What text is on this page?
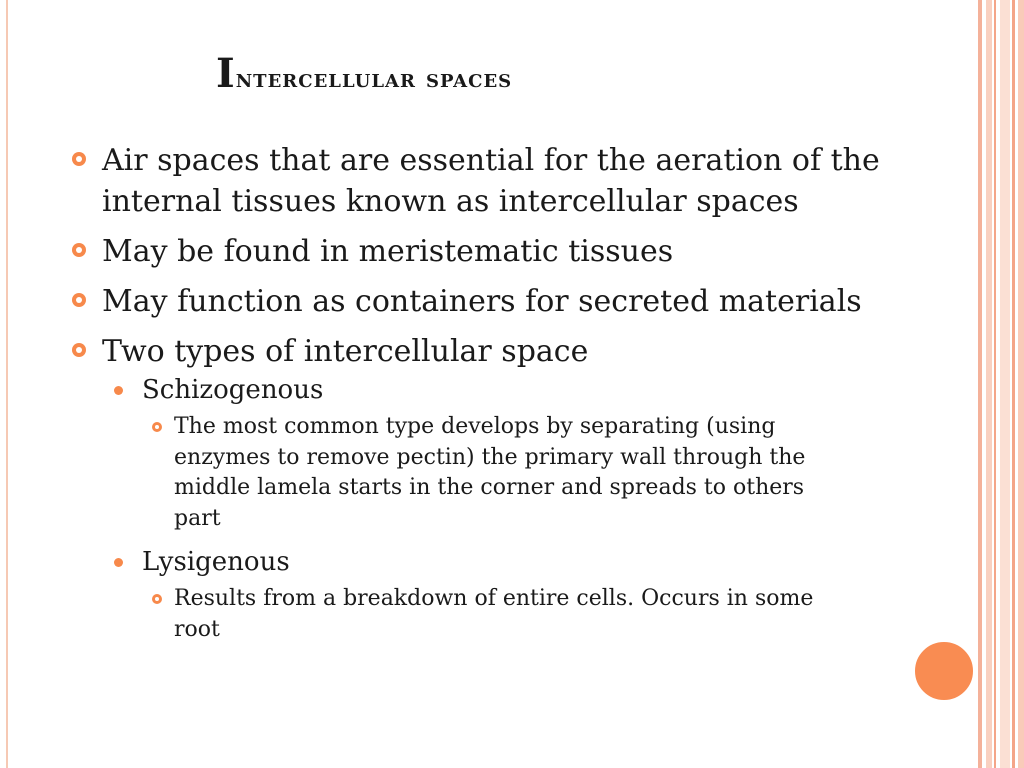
Intercellular spaces
Air spaces that are essential for the aeration of the internal tissues known as intercellular spaces
May be found in meristematic tissues
May function as containers for secreted materials
Two types of intercellular space
Schizogenous
The most common type develops by separating (using enzymes to remove pectin) the primary wall through the middle lamela starts in the corner and spreads to others part
Lysigenous
Results from a breakdown of entire cells. Occurs in some root
